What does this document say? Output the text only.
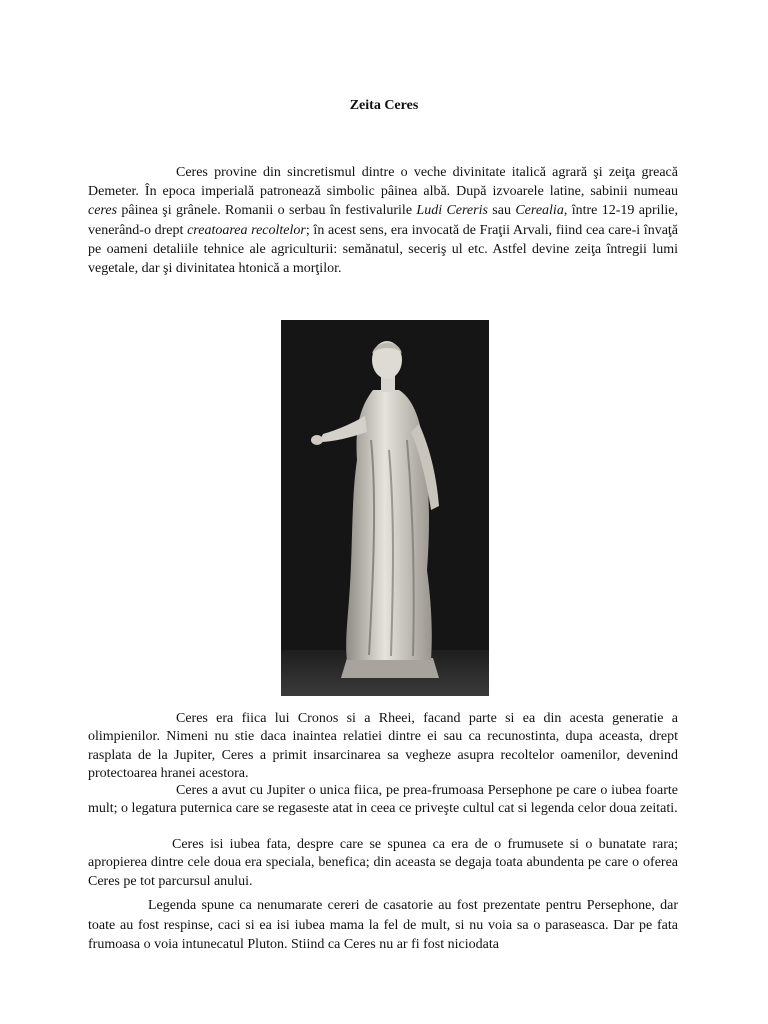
Zeita Ceres

Ceres provine din sincretismul dintre o veche divinitate italică agrară şi zeiţa greacă Demeter. În epoca imperială patronează simbolic pâinea albă. După izvoarele latine, sabinii numeau ceres pâinea şi grânele. Romanii o serbau în festivalurile Ludi Cereris sau Cerealia, între 12-19 aprilie, venerând-o drept creatoarea recoltelor; în acest sens, era invocată de Fraţii Arvali, fiind cea care-i învaţă pe oameni detaliile tehnice ale agriculturii: semănatul, seceriş ul etc. Astfel devine zeiţa întregii lumi vegetale, dar şi divinitatea htonică a morţilor.

Ceres era fiica lui Cronos si a Rheei, facand parte si ea din acesta generatie a olimpienilor. Nimeni nu stie daca inaintea relatiei dintre ei sau ca recunostinta, dupa aceasta, drept rasplata de la Jupiter, Ceres a primit insarcinarea sa vegheze asupra recoltelor oamenilor, devenind protectoarea hranei acestora.

Ceres a avut cu Jupiter o unica fiica, pe prea-frumoasa Persephone pe care o iubea foarte mult; o legatura puternica care se regaseste atat in ceea ce priveşte cultul cat si legenda celor doua zeitati.

Ceres isi iubea fata, despre care se spunea ca era de o frumusete si o bunatate rara; apropierea dintre cele doua era speciala, benefica; din aceasta se degaja toata abundenta pe care o oferea Ceres pe tot parcursul anului.

Legenda spune ca nenumarate cereri de casatorie au fost prezentate pentru Persephone, dar toate au fost respinse, caci si ea isi iubea mama la fel de mult, si nu voia sa o paraseasca. Dar pe fata frumoasa o voia intunecatul Pluton. Stiind ca Ceres nu ar fi fost niciodata
